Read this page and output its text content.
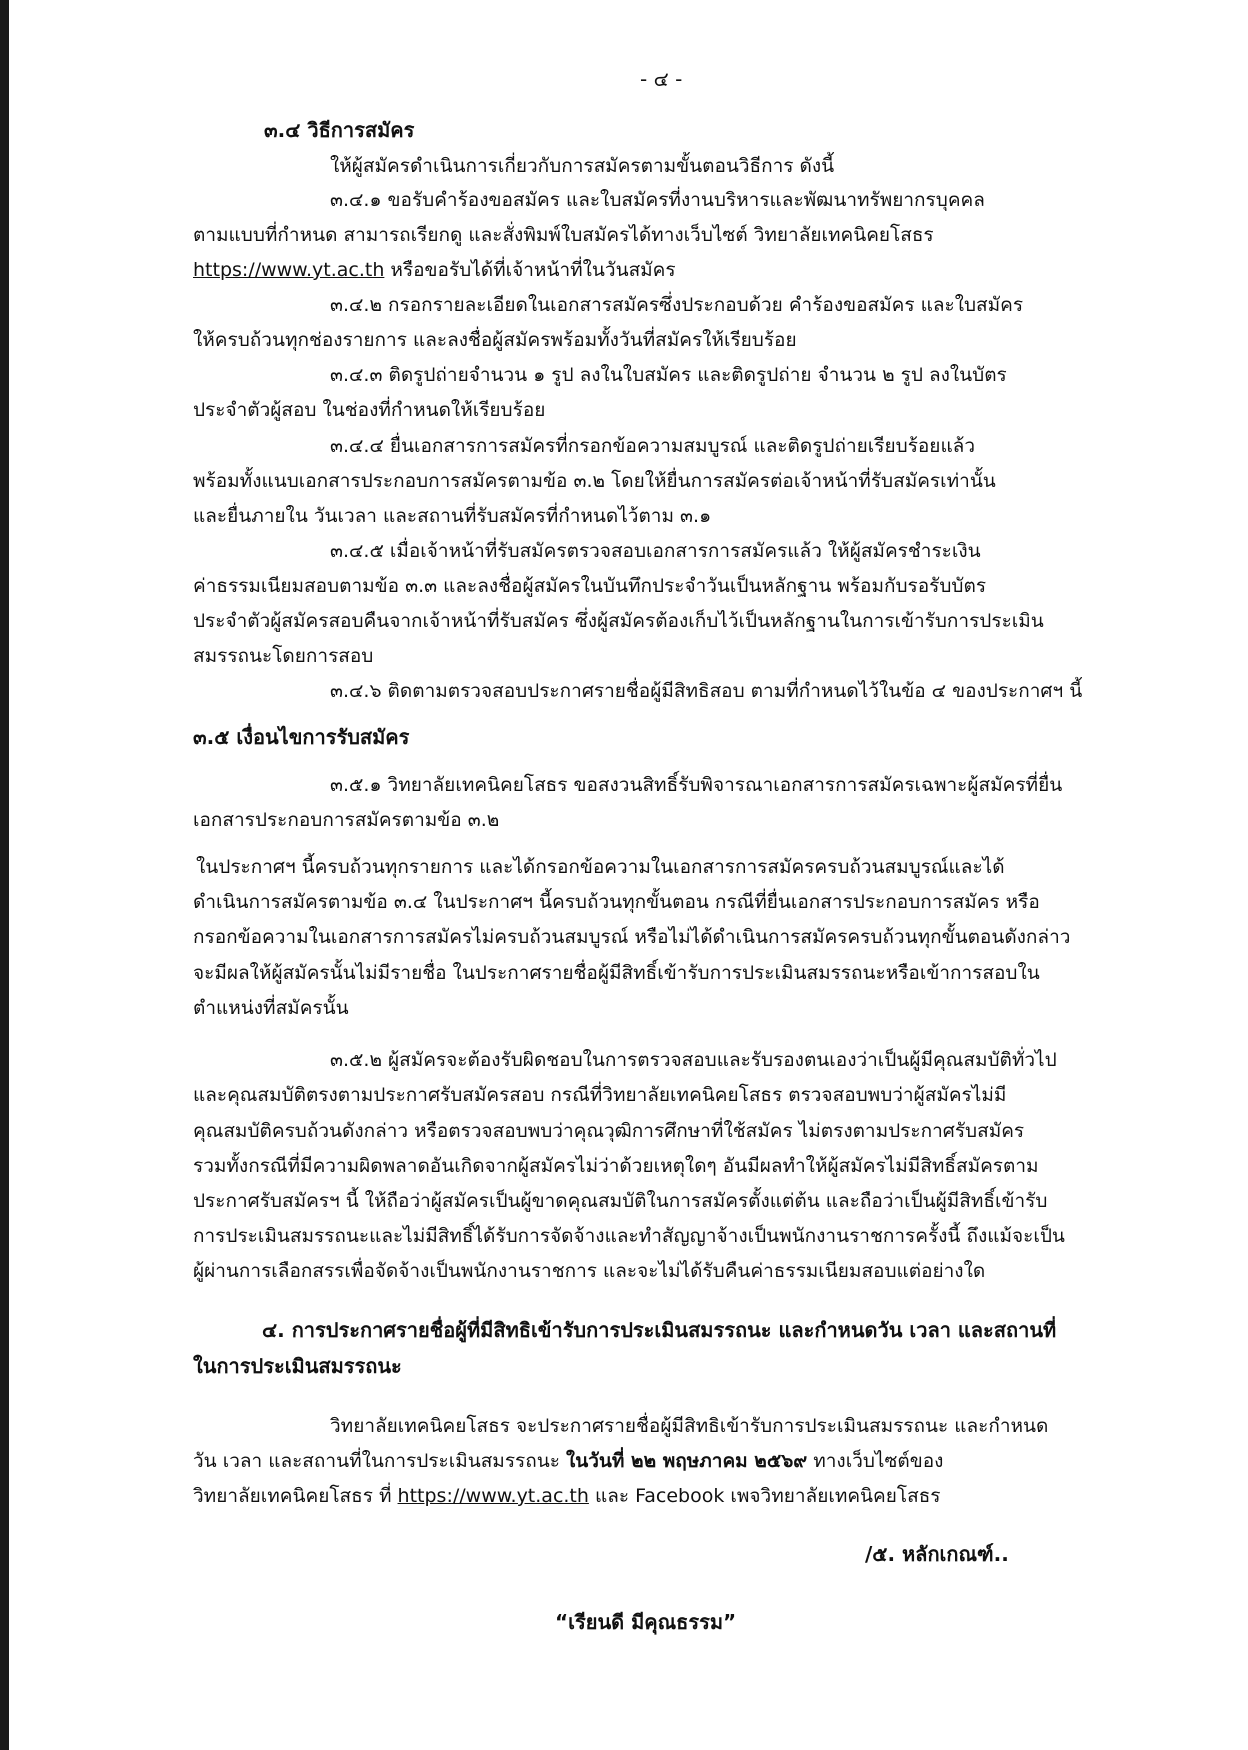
- ๔ -
๓.๔ วิธีการสมัคร
ให้ผู้สมัครดำเนินการเกี่ยวกับการสมัครตามขั้นตอนวิธีการ ดังนี้
๓.๔.๑ ขอรับคำร้องขอสมัคร และใบสมัครที่งานบริหารและพัฒนาทรัพยากรบุคคล
ตามแบบที่กำหนด สามารถเรียกดู และสั่งพิมพ์ใบสมัครได้ทางเว็บไซต์ วิทยาลัยเทคนิคยโสธร
https://www.yt.ac.th หรือขอรับได้ที่เจ้าหน้าที่ในวันสมัคร
๓.๔.๒ กรอกรายละเอียดในเอกสารสมัครซึ่งประกอบด้วย คำร้องขอสมัคร และใบสมัคร
ให้ครบถ้วนทุกช่องรายการ และลงชื่อผู้สมัครพร้อมทั้งวันที่สมัครให้เรียบร้อย
๓.๔.๓ ติดรูปถ่ายจำนวน ๑ รูป ลงในใบสมัคร และติดรูปถ่าย จำนวน ๒ รูป ลงในบัตร
ประจำตัวผู้สอบ ในช่องที่กำหนดให้เรียบร้อย
๓.๔.๔ ยื่นเอกสารการสมัครที่กรอกข้อความสมบูรณ์ และติดรูปถ่ายเรียบร้อยแล้ว
พร้อมทั้งแนบเอกสารประกอบการสมัครตามข้อ ๓.๒ โดยให้ยื่นการสมัครต่อเจ้าหน้าที่รับสมัครเท่านั้น
และยื่นภายใน วันเวลา และสถานที่รับสมัครที่กำหนดไว้ตาม ๓.๑
๓.๔.๕ เมื่อเจ้าหน้าที่รับสมัครตรวจสอบเอกสารการสมัครแล้ว ให้ผู้สมัครชำระเงิน
ค่าธรรมเนียมสอบตามข้อ ๓.๓ และลงชื่อผู้สมัครในบันทึกประจำวันเป็นหลักฐาน พร้อมกับรอรับบัตร
ประจำตัวผู้สมัครสอบคืนจากเจ้าหน้าที่รับสมัคร ซึ่งผู้สมัครต้องเก็บไว้เป็นหลักฐานในการเข้ารับการประเมิน
สมรรถนะโดยการสอบ
๓.๔.๖ ติดตามตรวจสอบประกาศรายชื่อผู้มีสิทธิสอบ ตามที่กำหนดไว้ในข้อ ๔ ของประกาศฯ นี้
๓.๕ เงื่อนไขการรับสมัคร
๓.๕.๑ วิทยาลัยเทคนิคยโสธร ขอสงวนสิทธิ์รับพิจารณาเอกสารการสมัครเฉพาะผู้สมัครที่ยื่น
เอกสารประกอบการสมัครตามข้อ ๓.๒
ในประกาศฯ นี้ครบถ้วนทุกรายการ และได้กรอกข้อความในเอกสารการสมัครครบถ้วนสมบูรณ์และได้
ดำเนินการสมัครตามข้อ ๓.๔ ในประกาศฯ นี้ครบถ้วนทุกขั้นตอน กรณีที่ยื่นเอกสารประกอบการสมัคร หรือ
กรอกข้อความในเอกสารการสมัครไม่ครบถ้วนสมบูรณ์ หรือไม่ได้ดำเนินการสมัครครบถ้วนทุกขั้นตอนดังกล่าว
จะมีผลให้ผู้สมัครนั้นไม่มีรายชื่อ ในประกาศรายชื่อผู้มีสิทธิ์เข้ารับการประเมินสมรรถนะหรือเข้าการสอบใน
ตำแหน่งที่สมัครนั้น
๓.๕.๒ ผู้สมัครจะต้องรับผิดชอบในการตรวจสอบและรับรองตนเองว่าเป็นผู้มีคุณสมบัติทั่วไป
และคุณสมบัติตรงตามประกาศรับสมัครสอบ กรณีที่วิทยาลัยเทคนิคยโสธร ตรวจสอบพบว่าผู้สมัครไม่มี
คุณสมบัติครบถ้วนดังกล่าว หรือตรวจสอบพบว่าคุณวุฒิการศึกษาที่ใช้สมัคร ไม่ตรงตามประกาศรับสมัคร
รวมทั้งกรณีที่มีความผิดพลาดอันเกิดจากผู้สมัครไม่ว่าด้วยเหตุใดๆ อันมีผลทำให้ผู้สมัครไม่มีสิทธิ์สมัครตาม
ประกาศรับสมัครฯ นี้ ให้ถือว่าผู้สมัครเป็นผู้ขาดคุณสมบัติในการสมัครตั้งแต่ต้น และถือว่าเป็นผู้มีสิทธิ์เข้ารับ
การประเมินสมรรถนะและไม่มีสิทธิ์ได้รับการจัดจ้างและทำสัญญาจ้างเป็นพนักงานราชการครั้งนี้ ถึงแม้จะเป็น
ผู้ผ่านการเลือกสรรเพื่อจัดจ้างเป็นพนักงานราชการ และจะไม่ได้รับคืนค่าธรรมเนียมสอบแต่อย่างใด
๔. การประกาศรายชื่อผู้ที่มีสิทธิเข้ารับการประเมินสมรรถนะ และกำหนดวัน เวลา และสถานที่
ในการประเมินสมรรถนะ
วิทยาลัยเทคนิคยโสธร จะประกาศรายชื่อผู้มีสิทธิเข้ารับการประเมินสมรรถนะ และกำหนด
วัน เวลา และสถานที่ในการประเมินสมรรถนะ ในวันที่ ๒๒ พฤษภาคม ๒๕๖๙ ทางเว็บไซต์ของ
วิทยาลัยเทคนิคยโสธร ที่ https://www.yt.ac.th และ Facebook เพจวิทยาลัยเทคนิคยโสธร
/๕. หลักเกณฑ์..
“เรียนดี มีคุณธรรม”
